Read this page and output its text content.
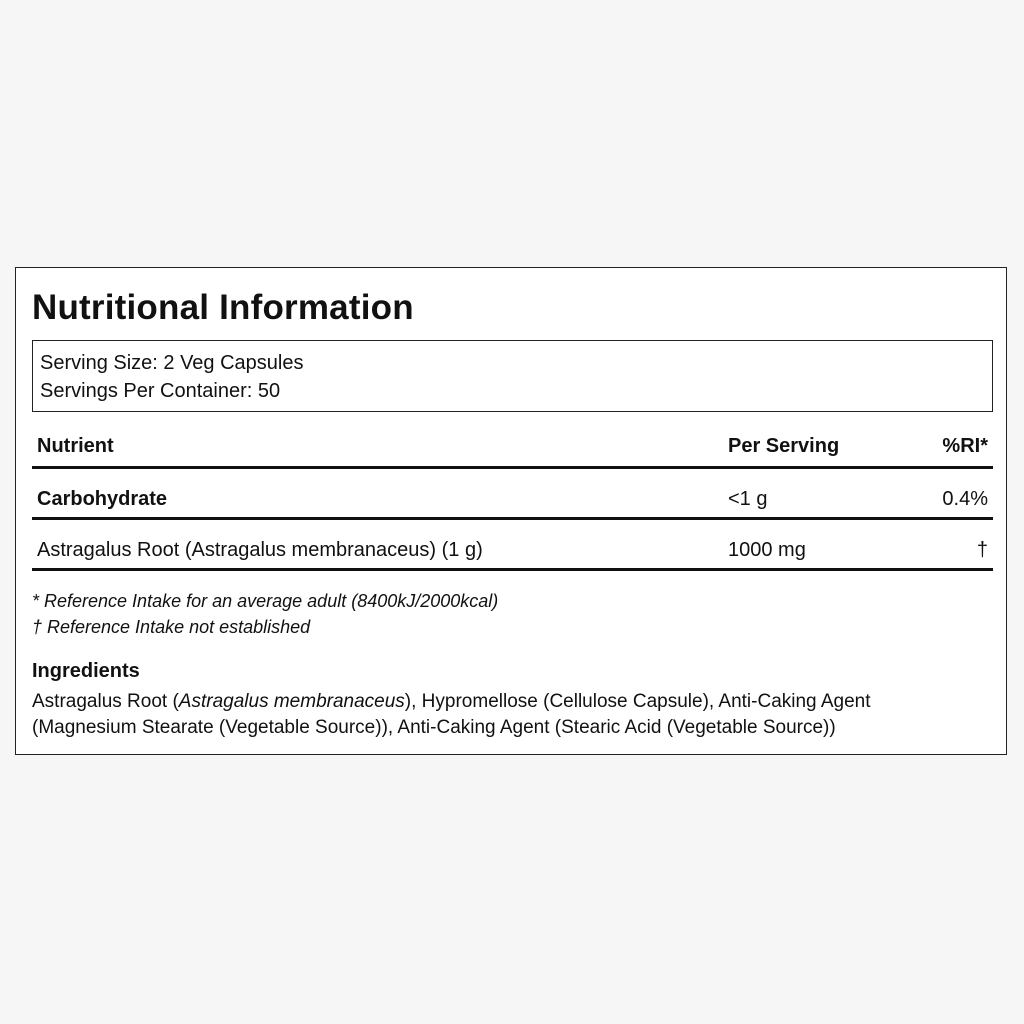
Nutritional Information
Serving Size: 2 Veg Capsules
Servings Per Container: 50
Nutrient	Per Serving	%RI*
Carbohydrate	<1 g	0.4%
Astragalus Root (Astragalus membranaceus) (1 g)	1000 mg	†
* Reference Intake for an average adult (8400kJ/2000kcal)
† Reference Intake not established
Ingredients
Astragalus Root (Astragalus membranaceus), Hypromellose (Cellulose Capsule), Anti-Caking Agent
(Magnesium Stearate (Vegetable Source)), Anti-Caking Agent (Stearic Acid (Vegetable Source))
